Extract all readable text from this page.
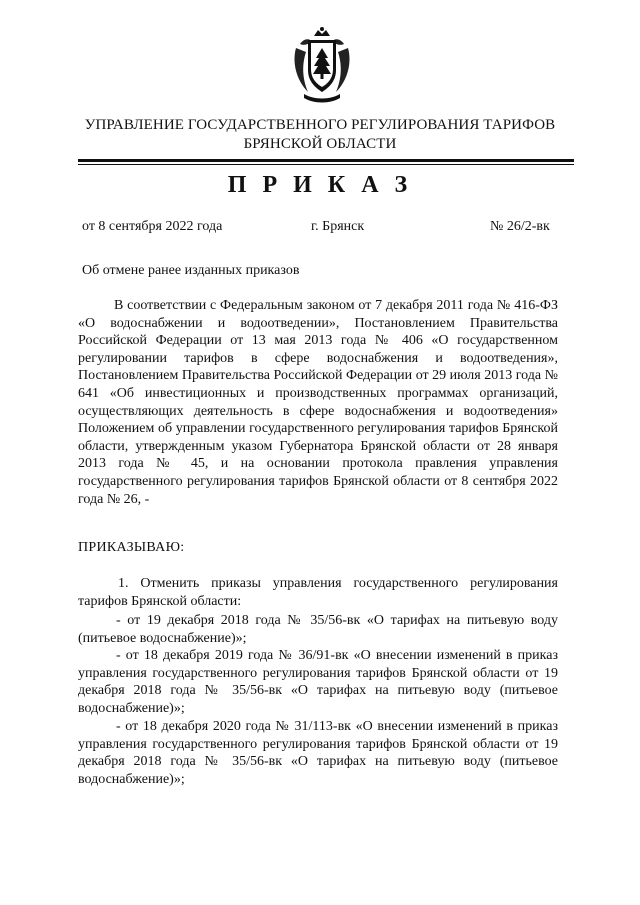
УПРАВЛЕНИЕ ГОСУДАРСТВЕННОГО РЕГУЛИРОВАНИЯ ТАРИФОВ
БРЯНСКОЙ ОБЛАСТИ
П Р И К А З
от 8 сентября 2022 года	г. Брянск	№ 26/2-вк
Об отмене ранее изданных приказов
В соответствии с Федеральным законом от 7 декабря 2011 года № 416-ФЗ «О водоснабжении и водоотведении», Постановлением Правительства Российской Федерации от 13 мая 2013 года № 406 «О государственном регулировании тарифов в сфере водоснабжения и водоотведения», Постановлением Правительства Российской Федерации от 29 июля 2013 года № 641 «Об инвестиционных и производственных программах организаций, осуществляющих деятельность в сфере водоснабжения и водоотведения» Положением об управлении государственного регулирования тарифов Брянской области, утвержденным указом Губернатора Брянской области от 28 января 2013 года № 45, и на основании протокола правления управления государственного регулирования тарифов Брянской области от 8 сентября 2022 года № 26, -
ПРИКАЗЫВАЮ:
1. Отменить приказы управления государственного регулирования тарифов Брянской области:
- от 19 декабря 2018 года № 35/56-вк «О тарифах на питьевую воду (питьевое водоснабжение)»;
- от 18 декабря 2019 года № 36/91-вк «О внесении изменений в приказ управления государственного регулирования тарифов Брянской области от 19 декабря 2018 года № 35/56-вк «О тарифах на питьевую воду (питьевое водоснабжение)»;
- от 18 декабря 2020 года № 31/113-вк «О внесении изменений в приказ управления государственного регулирования тарифов Брянской области от 19 декабря 2018 года № 35/56-вк «О тарифах на питьевую воду (питьевое водоснабжение)»;
